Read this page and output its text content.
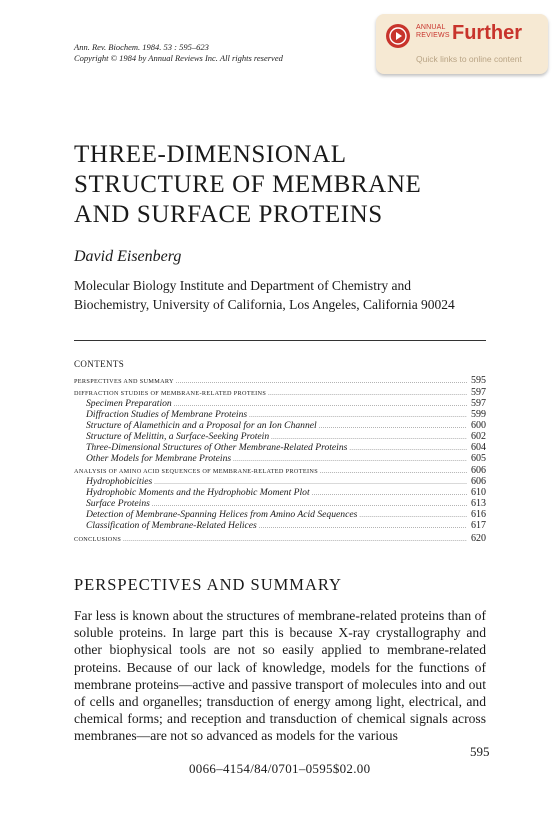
Ann. Rev. Biochem. 1984. 53 : 595–623
Copyright © 1984 by Annual Reviews Inc. All rights reserved
ANNUAL
REVIEWS Further
Quick links to online content
THREE-DIMENSIONAL
STRUCTURE OF MEMBRANE
AND SURFACE PROTEINS
David Eisenberg
Molecular Biology Institute and Department of Chemistry and
Biochemistry, University of California, Los Angeles, California 90024
CONTENTS
PERSPECTIVES AND SUMMARY .....	595
DIFFRACTION STUDIES OF MEMBRANE-RELATED PROTEINS .....	597
Specimen Preparation .....	597
Diffraction Studies of Membrane Proteins .....	599
Structure of Alamethicin and a Proposal for an Ion Channel .....	600
Structure of Melittin, a Surface-Seeking Protein .....	602
Three-Dimensional Structures of Other Membrane-Related Proteins .....	604
Other Models for Membrane Proteins .....	605
ANALYSIS OF AMINO ACID SEQUENCES OF MEMBRANE-RELATED PROTEINS .....	606
Hydrophobicities .....	606
Hydrophobic Moments and the Hydrophobic Moment Plot .....	610
Surface Proteins .....	613
Detection of Membrane-Spanning Helices from Amino Acid Sequences .....	616
Classification of Membrane-Related Helices .....	617
CONCLUSIONS .....	620
PERSPECTIVES AND SUMMARY
Far less is known about the structures of membrane-related proteins than of soluble proteins. In large part this is because X-ray crystallography and other biophysical tools are not so easily applied to membrane-related proteins. Because of our lack of knowledge, models for the functions of membrane proteins—active and passive transport of molecules into and out of cells and organelles; transduction of energy among light, electrical, and chemical forms; and reception and transduction of chemical signals across membranes—are not so advanced as models for the various
595
0066–4154/84/0701–0595$02.00
